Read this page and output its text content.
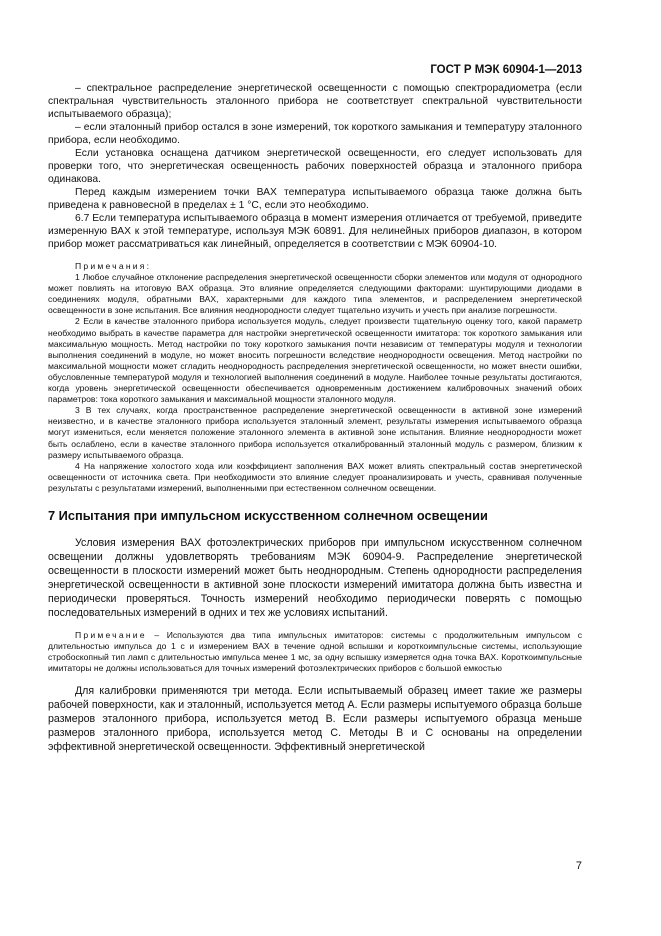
ГОСТ Р МЭК 60904-1—2013

– спектральное распределение энергетической освещенности с помощью спектрорадиометра (если спектральная чувствительность эталонного прибора не соответствует спектральной чувствительности испытываемого образца);

– если эталонный прибор остался в зоне измерений, ток короткого замыкания и температуру эталонного прибора, если необходимо.

Если установка оснащена датчиком энергетической освещенности, его следует использовать для проверки того, что энергетическая освещенность рабочих поверхностей образца и эталонного прибора одинакова.

Перед каждым измерением точки ВАХ температура испытываемого образца также должна быть приведена к равновесной в пределах ± 1 °С, если это необходимо.

6.7 Если температура испытываемого образца в момент измерения отличается от требуемой, приведите измеренную ВАХ к этой температуре, используя МЭК 60891. Для нелинейных приборов диапазон, в котором прибор может рассматриваться как линейный, определяется в соответствии с МЭК 60904-10.

Примечания:

1 Любое случайное отклонение распределения энергетической освещенности сборки элементов или модуля от однородного может повлиять на итоговую ВАХ образца. Это влияние определяется следующими факторами: шунтирующими диодами в соединениях модуля, обратными ВАХ, характерными для каждого типа элементов, и распределением энергетической освещенности в зоне испытания. Все влияния неоднородности следует тщательно изучить и учесть при анализе погрешности.

2 Если в качестве эталонного прибора используется модуль, следует произвести тщательную оценку того, какой параметр необходимо выбрать в качестве параметра для настройки энергетической освещенности имитатора: ток короткого замыкания или максимальную мощность. Метод настройки по току короткого замыкания почти независим от температуры модуля и технологии выполнения соединений в модуле, но может вносить погрешности вследствие неоднородности освещения. Метод настройки по максимальной мощности может сгладить неоднородность распределения энергетической освещенности, но может внести ошибки, обусловленные температурой модуля и технологией выполнения соединений в модуле. Наиболее точные результаты достигаются, когда уровень энергетической освещенности обеспечивается одновременным достижением калибровочных значений обоих параметров: тока короткого замыкания и максимальной мощности эталонного модуля.

3 В тех случаях, когда пространственное распределение энергетической освещенности в активной зоне измерений неизвестно, и в качестве эталонного прибора используется эталонный элемент, результаты измерения испытываемого образца могут измениться, если меняется положение эталонного элемента в активной зоне испытания. Влияние неоднородности может быть ослаблено, если в качестве эталонного прибора используется откалиброванный эталонный модуль с размером, близким к размеру испытываемого образца.

4 На напряжение холостого хода или коэффициент заполнения ВАХ может влиять спектральный состав энергетической освещенности от источника света. При необходимости это влияние следует проанализировать и учесть, сравнивая полученные результаты с результатами измерений, выполненными при естественном солнечном освещении.

7 Испытания при импульсном искусственном солнечном освещении

Условия измерения ВАХ фотоэлектрических приборов при импульсном искусственном солнечном освещении должны удовлетворять требованиям МЭК 60904-9. Распределение энергетической освещенности в плоскости измерений может быть неоднородным. Степень однородности распределения энергетической освещенности в активной зоне плоскости измерений имитатора должна быть известна и периодически проверяться. Точность измерений необходимо периодически поверять с помощью последовательных измерений в одних и тех же условиях испытаний.

Примечание – Используются два типа импульсных имитаторов: системы с продолжительным импульсом с длительностью импульса до 1 с и измерением ВАХ в течение одной вспышки и короткоимпульсные системы, использующие стробоскопный тип ламп с длительностью импульса менее 1 мс, за одну вспышку измеряется одна точка ВАХ. Короткоимпульсные имитаторы не должны использоваться для точных измерений фотоэлектрических приборов с большой емкостью

Для калибровки применяются три метода. Если испытываемый образец имеет такие же размеры рабочей поверхности, как и эталонный, используется метод А. Если размеры испытуемого образца больше размеров эталонного прибора, используется метод В. Если размеры испытуемого образца меньше размеров эталонного прибора, используется метод С. Методы В и С основаны на определении эффективной энергетической освещенности. Эффективный энергетической

7
